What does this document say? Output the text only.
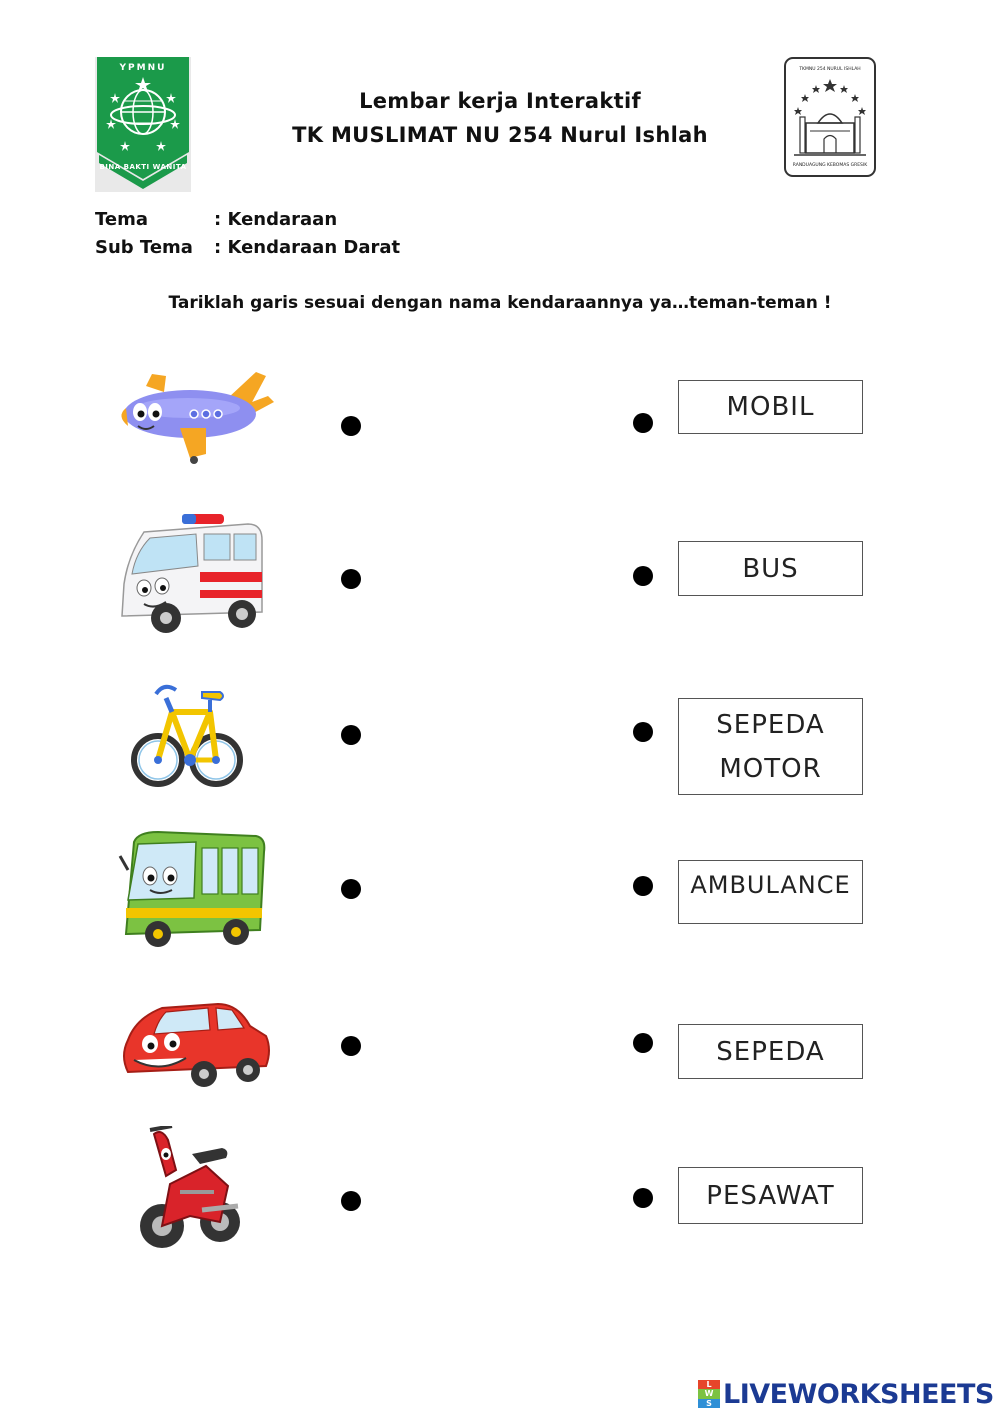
YPMNU
BINA BAKTI WANITA
Lembar kerja Interaktif
TK MUSLIMAT NU 254 Nurul Ishlah
TKMNU 254 NURUL ISHLAH
RANDUAGUNG KEBOMAS GRESIK
Tema	: Kendaraan
Sub Tema : Kendaraan Darat
Tariklah garis sesuai dengan nama kendaraannya ya…teman-teman !
MOBIL
BUS
SEPEDA
MOTOR
AMBULANCE
SEPEDA
PESAWAT
L
W
S LIVEWORKSHEETS
